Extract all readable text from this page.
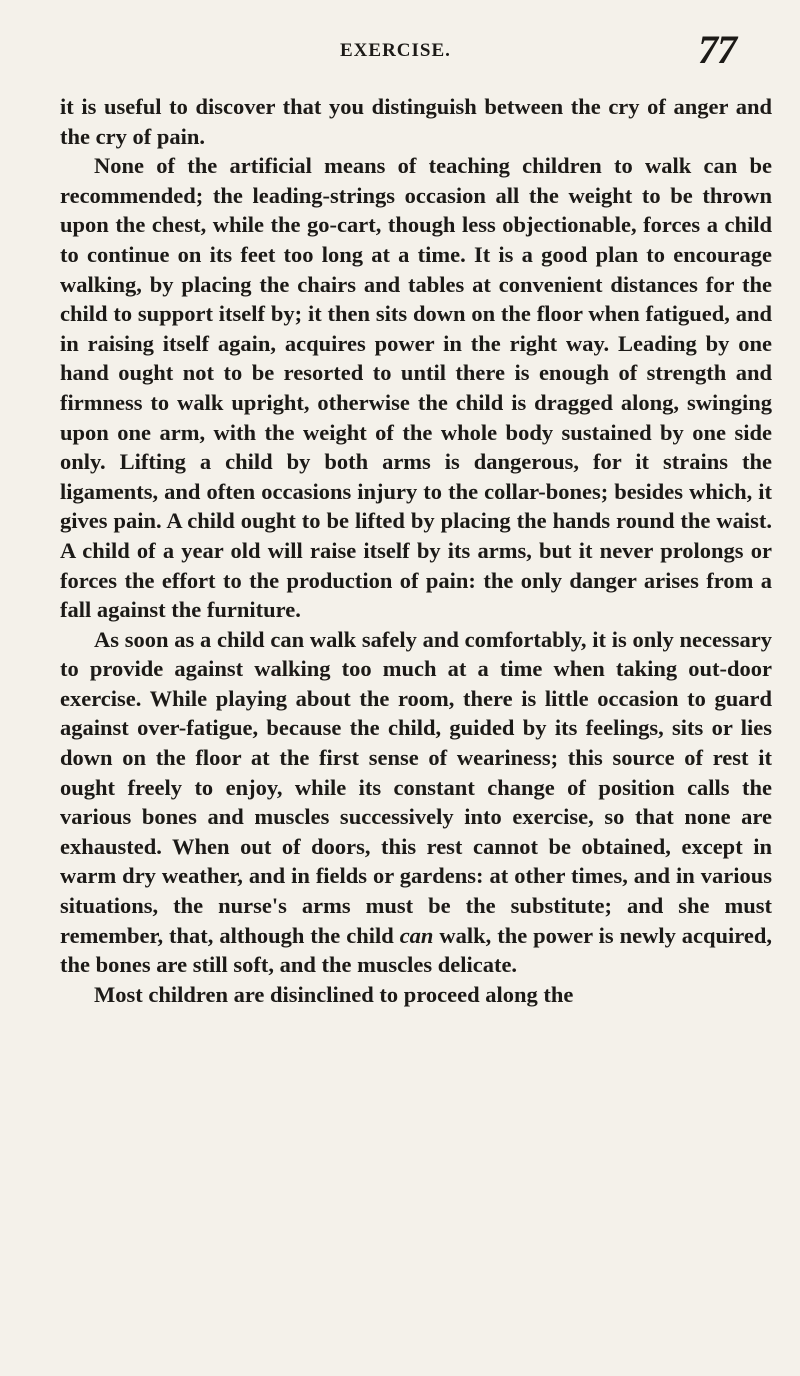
EXERCISE.	77

it is useful to discover that you distinguish between the cry of anger and the cry of pain.

None of the artificial means of teaching children to walk can be recommended; the leading-strings occasion all the weight to be thrown upon the chest, while the go-cart, though less objectionable, forces a child to continue on its feet too long at a time. It is a good plan to encourage walking, by placing the chairs and tables at convenient distances for the child to support itself by; it then sits down on the floor when fatigued, and in raising itself again, acquires power in the right way. Leading by one hand ought not to be resorted to until there is enough of strength and firmness to walk upright, otherwise the child is dragged along, swinging upon one arm, with the weight of the whole body sustained by one side only. Lifting a child by both arms is dangerous, for it strains the ligaments, and often occasions injury to the collar-bones; besides which, it gives pain. A child ought to be lifted by placing the hands round the waist. A child of a year old will raise itself by its arms, but it never prolongs or forces the effort to the production of pain: the only danger arises from a fall against the furniture.

As soon as a child can walk safely and comfortably, it is only necessary to provide against walking too much at a time when taking out-door exercise. While playing about the room, there is little occasion to guard against over-fatigue, because the child, guided by its feelings, sits or lies down on the floor at the first sense of weariness; this source of rest it ought freely to enjoy, while its constant change of position calls the various bones and muscles successively into exercise, so that none are exhausted. When out of doors, this rest cannot be obtained, except in warm dry weather, and in fields or gardens: at other times, and in various situations, the nurse's arms must be the substitute; and she must remember, that, although the child can walk, the power is newly acquired, the bones are still soft, and the muscles delicate.

Most children are disinclined to proceed along the
